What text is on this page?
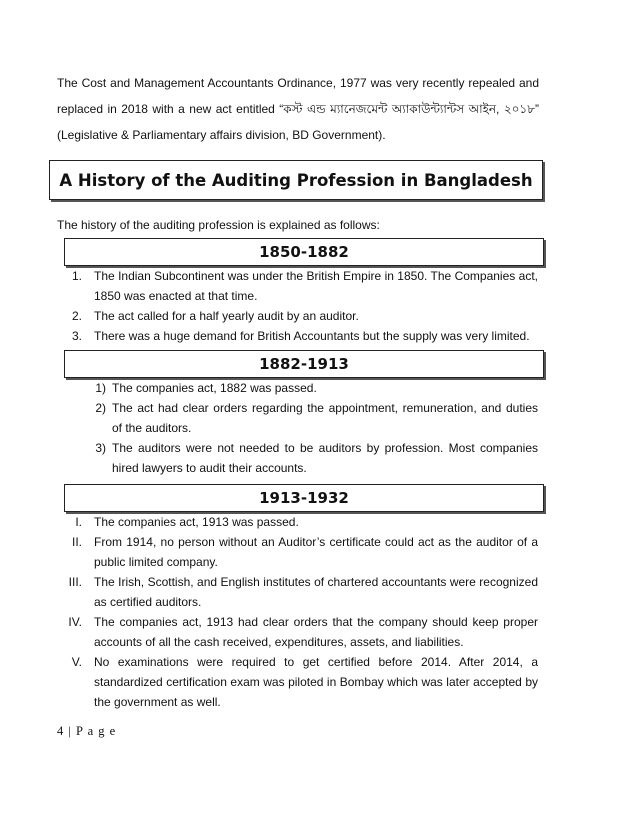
The Cost and Management Accountants Ordinance, 1977 was very recently repealed and replaced in 2018 with a new act entitled “কস্ট এন্ড ম্যানেজমেন্ট অ্যাকাউন্ট্যান্টস আইন, ২০১৮” (Legislative & Parliamentary affairs division, BD Government).
A History of the Auditing Profession in Bangladesh
The history of the auditing profession is explained as follows:
1850-1882
1. The Indian Subcontinent was under the British Empire in 1850. The Companies act, 1850 was enacted at that time.
2. The act called for a half yearly audit by an auditor.
3. There was a huge demand for British Accountants but the supply was very limited.
1882-1913
1) The companies act, 1882 was passed.
2) The act had clear orders regarding the appointment, remuneration, and duties of the auditors.
3) The auditors were not needed to be auditors by profession. Most companies hired lawyers to audit their accounts.
1913-1932
I. The companies act, 1913 was passed.
II. From 1914, no person without an Auditor’s certificate could act as the auditor of a public limited company.
III. The Irish, Scottish, and English institutes of chartered accountants were recognized as certified auditors.
IV. The companies act, 1913 had clear orders that the company should keep proper accounts of all the cash received, expenditures, assets, and liabilities.
V. No examinations were required to get certified before 2014. After 2014, a standardized certification exam was piloted in Bombay which was later accepted by the government as well.
4 | P a g e
